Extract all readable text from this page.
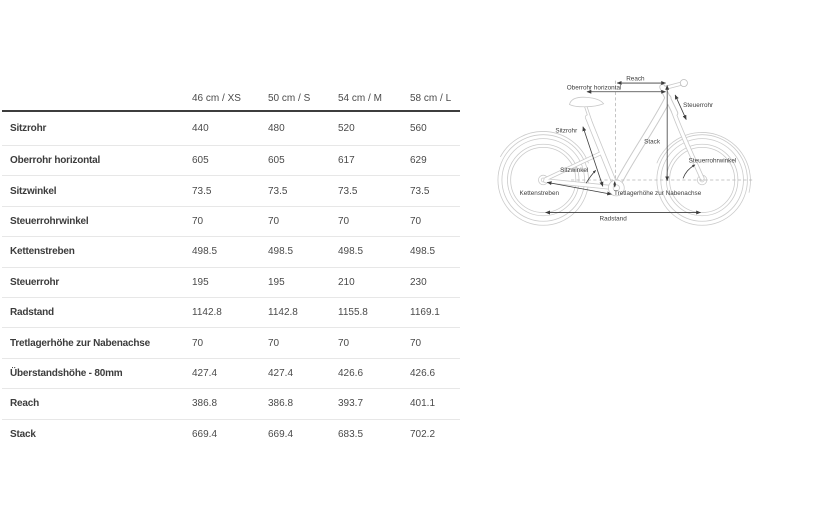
46 cm / XS	50 cm / S	54 cm / M	58 cm / L
Sitzrohr	440	480	520	560
Oberrohr horizontal	605	605	617	629
Sitzwinkel	73.5	73.5	73.5	73.5
Steuerrohrwinkel	70	70	70	70
Kettenstreben	498.5	498.5	498.5	498.5
Steuerrohr	195	195	210	230
Radstand	1142.8	1142.8	1155.8	1169.1
Tretlagerhöhe zur Nabenachse	70	70	70	70
Überstandshöhe - 80mm	427.4	427.4	426.6	426.6
Reach	386.8	386.8	393.7	401.1
Stack	669.4	669.4	683.5	702.2
Reach
Oberrohr horizontal
Steuerrohr
Sitzrohr
Stack
Sitzwinkel
Steuerrohrwinkel
Kettenstreben	Tretlagerhöhe zur Nabenachse
Radstand
